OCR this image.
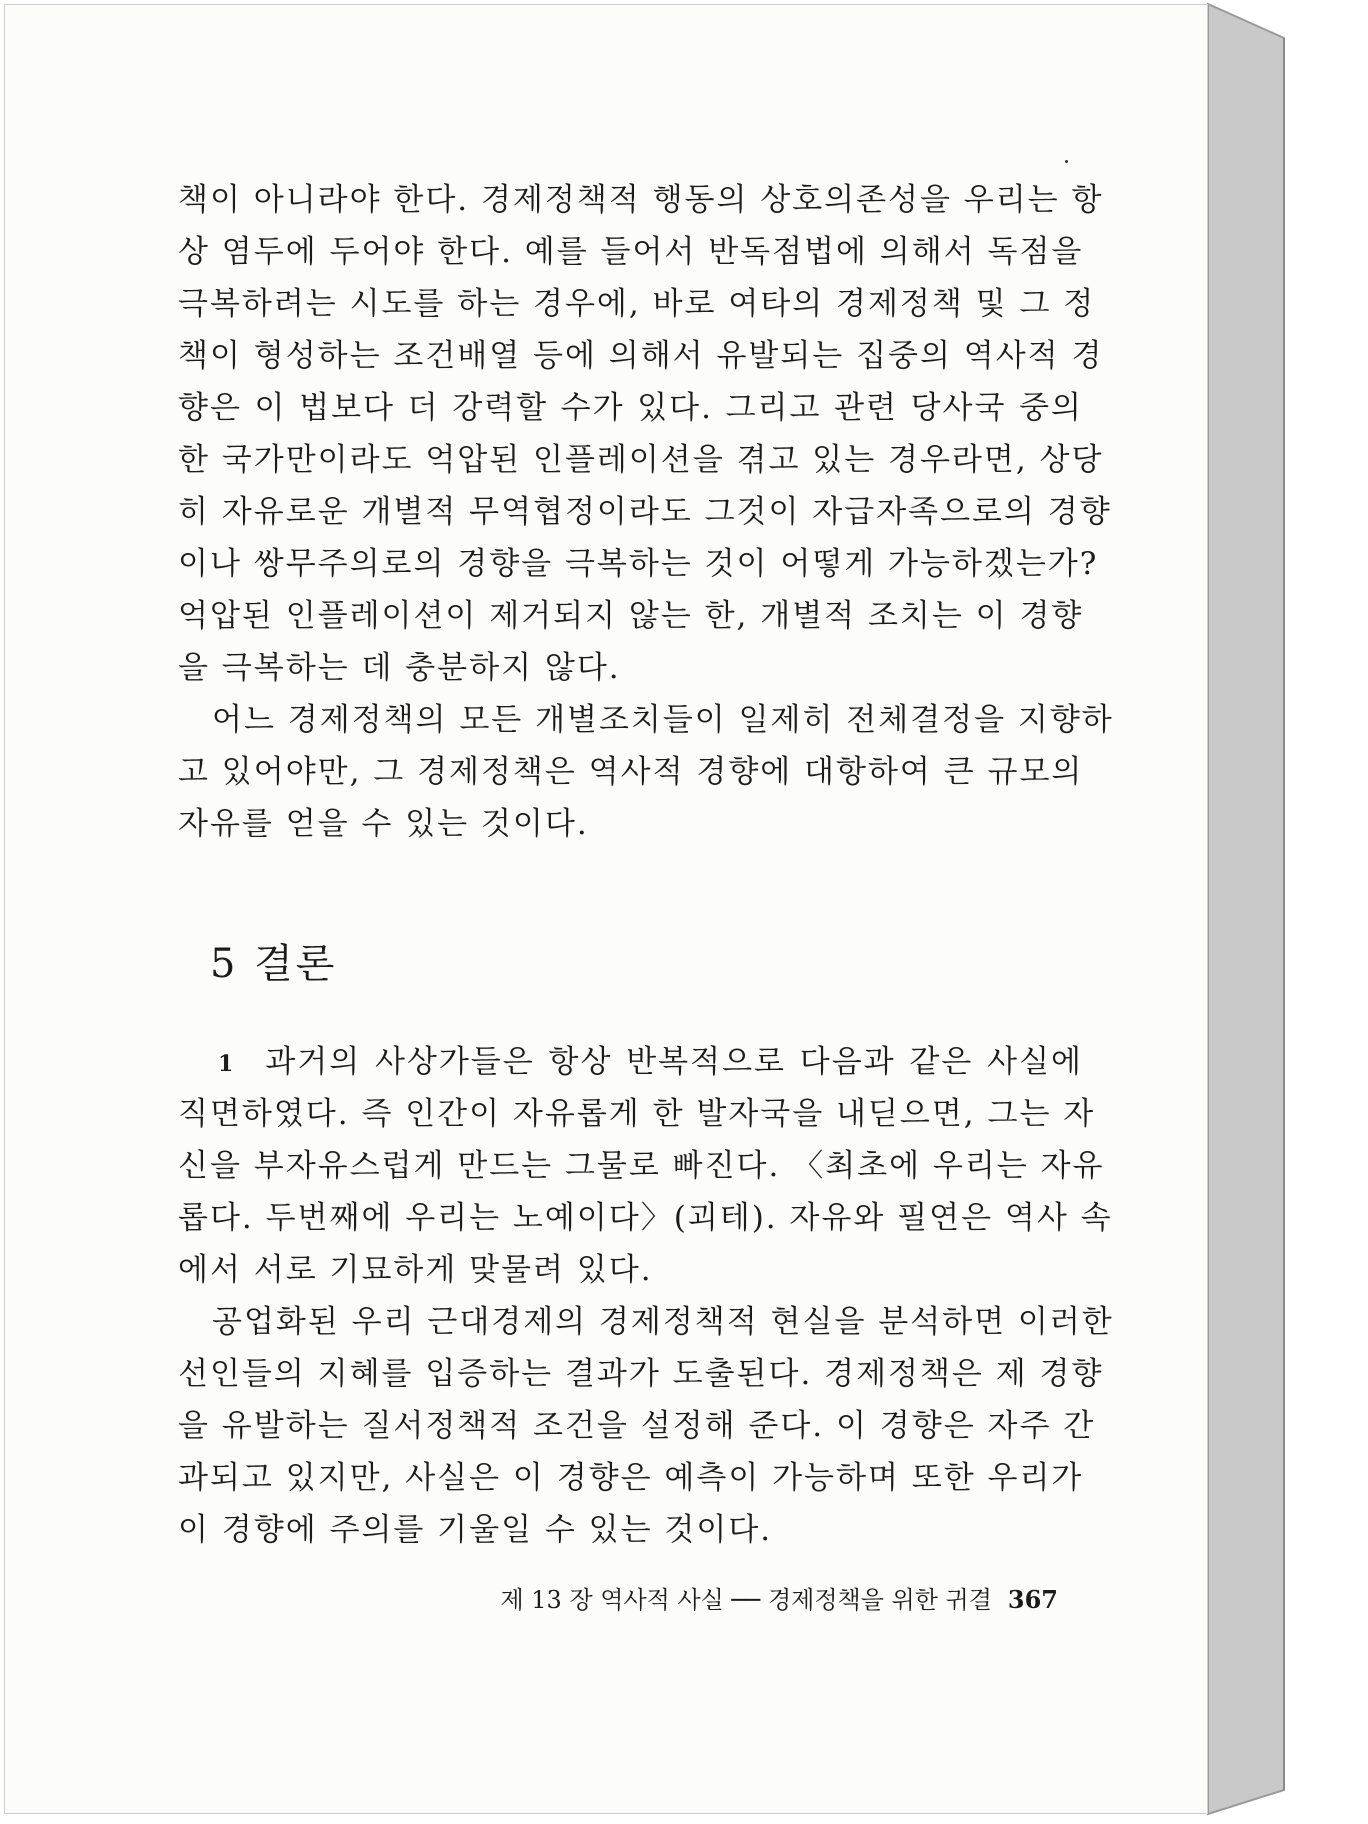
책이 아니라야 한다. 경제정책적 행동의 상호의존성을 우리는 항
상 염두에 두어야 한다. 예를 들어서 반독점법에 의해서 독점을
극복하려는 시도를 하는 경우에, 바로 여타의 경제정책 및 그 정
책이 형성하는 조건배열 등에 의해서 유발되는 집중의 역사적 경
향은 이 법보다 더 강력할 수가 있다. 그리고 관련 당사국 중의
한 국가만이라도 억압된 인플레이션을 겪고 있는 경우라면, 상당
히 자유로운 개별적 무역협정이라도 그것이 자급자족으로의 경향
이나 쌍무주의로의 경향을 극복하는 것이 어떻게 가능하겠는가?
억압된 인플레이션이 제거되지 않는 한, 개별적 조치는 이 경향
을 극복하는 데 충분하지 않다.
어느 경제정책의 모든 개별조치들이 일제히 전체결정을 지향하
고 있어야만, 그 경제정책은 역사적 경향에 대항하여 큰 규모의
자유를 얻을 수 있는 것이다.
5 결론
1 과거의 사상가들은 항상 반복적으로 다음과 같은 사실에
직면하였다. 즉 인간이 자유롭게 한 발자국을 내딛으면, 그는 자
신을 부자유스럽게 만드는 그물로 빠진다. 〈최초에 우리는 자유
롭다. 두번째에 우리는 노예이다〉(괴테). 자유와 필연은 역사 속
에서 서로 기묘하게 맞물려 있다.
공업화된 우리 근대경제의 경제정책적 현실을 분석하면 이러한
선인들의 지혜를 입증하는 결과가 도출된다. 경제정책은 제 경향
을 유발하는 질서정책적 조건을 설정해 준다. 이 경향은 자주 간
과되고 있지만, 사실은 이 경향은 예측이 가능하며 또한 우리가
이 경향에 주의를 기울일 수 있는 것이다.
제 13 장 역사적 사실 ── 경제정책을 위한 귀결 367
